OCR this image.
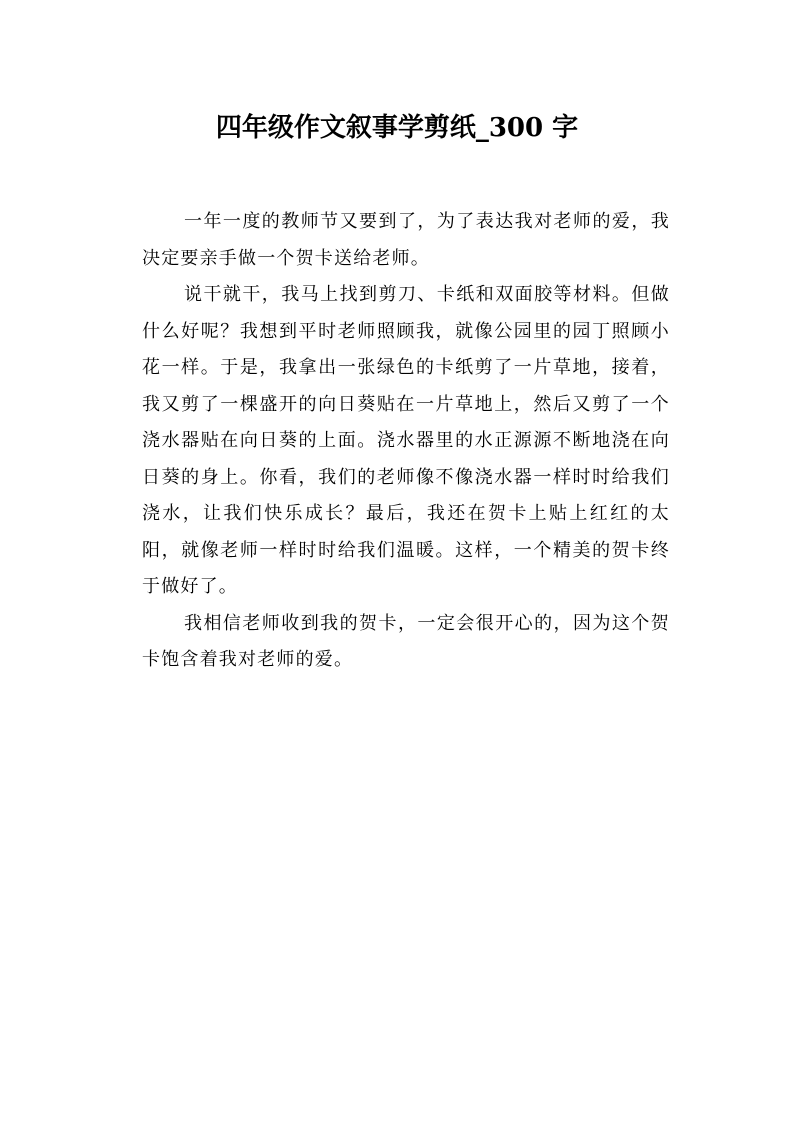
四年级作文叙事学剪纸_300 字

一年一度的教师节又要到了，为了表达我对老师的爱，我决定要亲手做一个贺卡送给老师。

说干就干，我马上找到剪刀、卡纸和双面胶等材料。但做什么好呢？我想到平时老师照顾我，就像公园里的园丁照顾小花一样。于是，我拿出一张绿色的卡纸剪了一片草地，接着，我又剪了一棵盛开的向日葵贴在一片草地上，然后又剪了一个浇水器贴在向日葵的上面。浇水器里的水正源源不断地浇在向日葵的身上。你看，我们的老师像不像浇水器一样时时给我们浇水，让我们快乐成长？最后，我还在贺卡上贴上红红的太阳，就像老师一样时时给我们温暖。这样，一个精美的贺卡终于做好了。

我相信老师收到我的贺卡，一定会很开心的，因为这个贺卡饱含着我对老师的爱。
